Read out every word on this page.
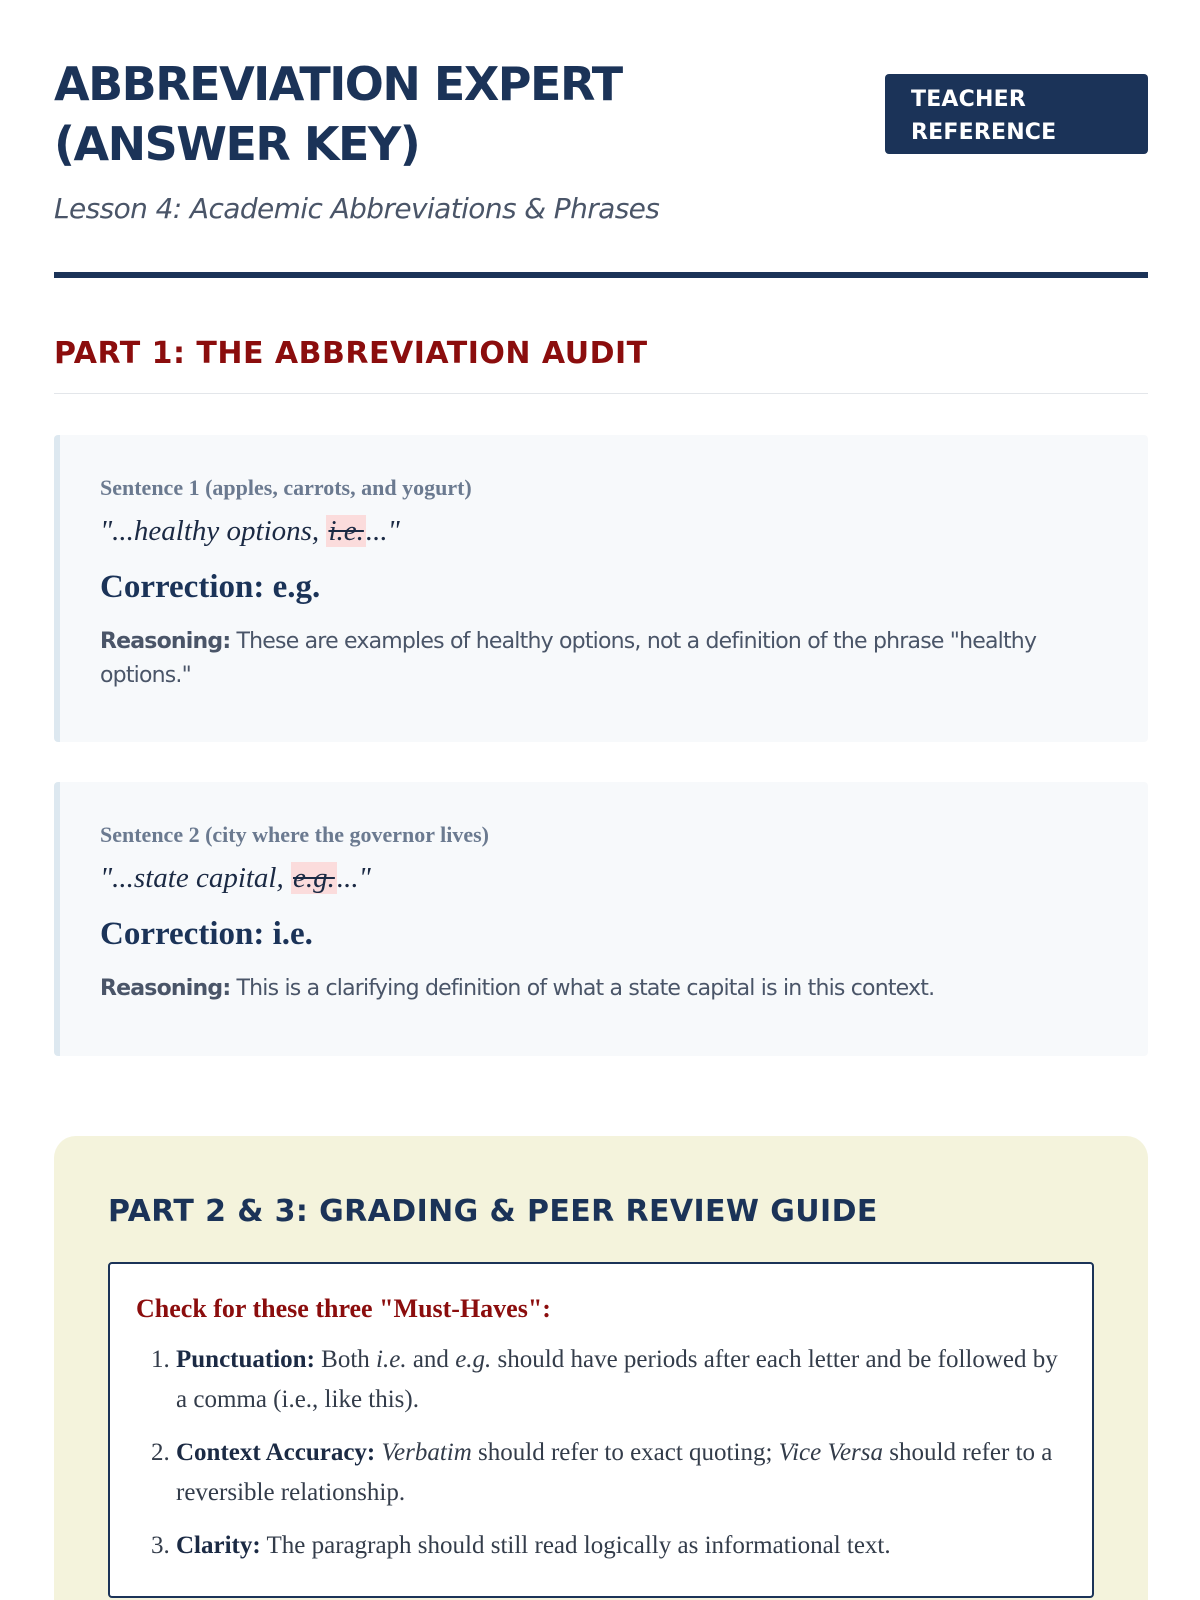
ABBREVIATION EXPERT
(ANSWER KEY)
TEACHER
REFERENCE
Lesson 4: Academic Abbreviations & Phrases
PART 1: THE ABBREVIATION AUDIT
Sentence 1 (apples, carrots, and yogurt)
"...healthy options, i.e...."
Correction: e.g.
Reasoning: These are examples of healthy options, not a definition of the phrase "healthy options."
Sentence 2 (city where the governor lives)
"...state capital, e.g...."
Correction: i.e.
Reasoning: This is a clarifying definition of what a state capital is in this context.
PART 2 & 3: GRADING & PEER REVIEW GUIDE
Check for these three "Must-Haves":
1. Punctuation: Both i.e. and e.g. should have periods after each letter and be followed by a comma (i.e., like this).
2. Context Accuracy: Verbatim should refer to exact quoting; Vice Versa should refer to a reversible relationship.
3. Clarity: The paragraph should still read logically as informational text.
